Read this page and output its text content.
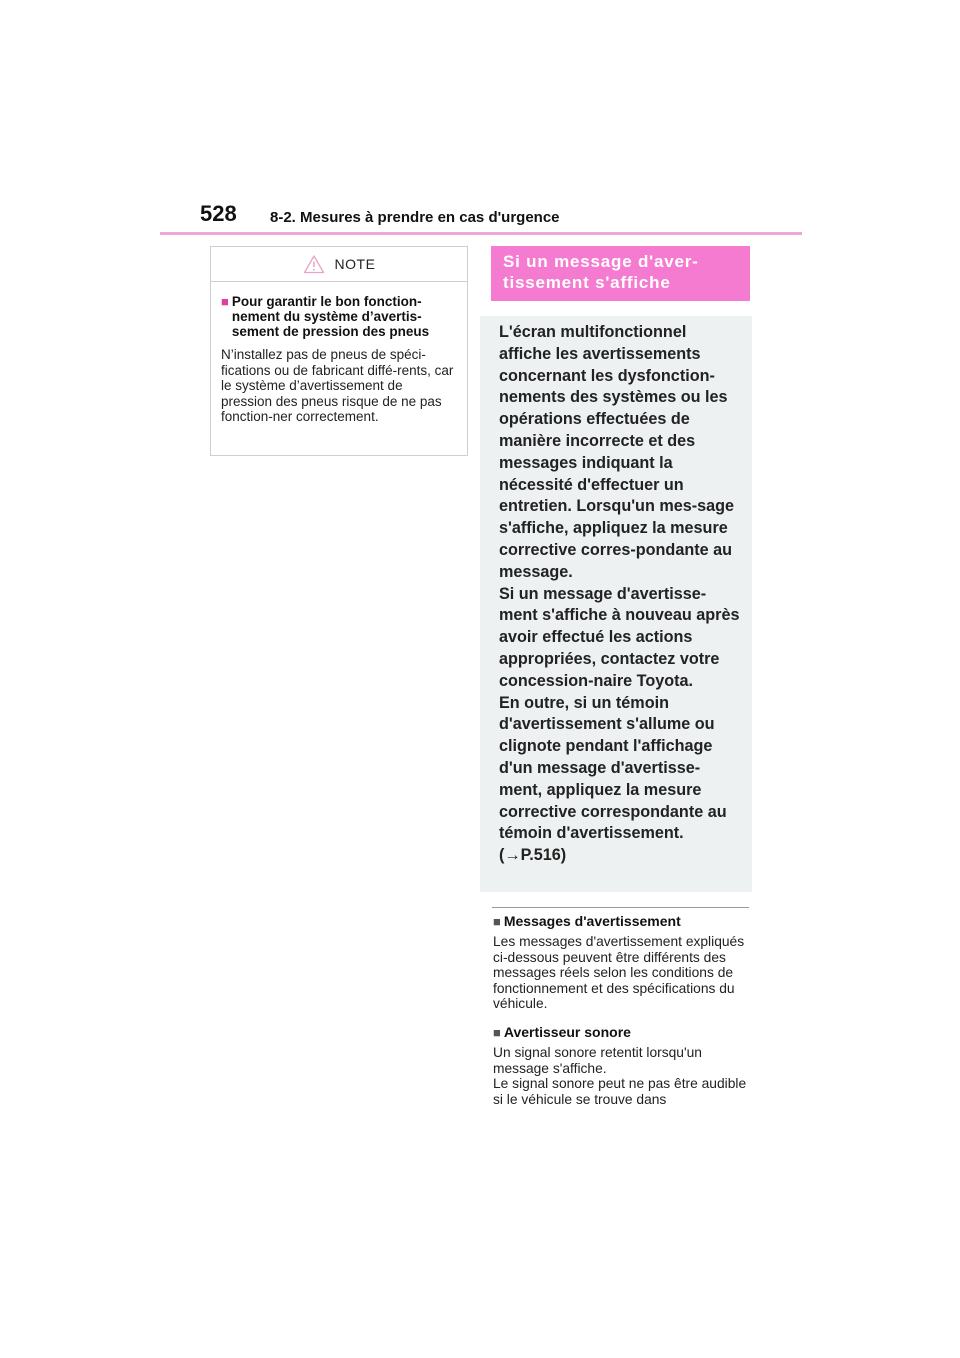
528 8-2. Mesures à prendre en cas d'urgence
NOTE
■ Pour garantir le bon fonction-nement du système d’avertis-sement de pression des pneus
N’installez pas de pneus de spéci-fications ou de fabricant diffé-rents, car le système d’avertissement de pression des pneus risque de ne pas fonction-ner correctement.
Si un message d'aver-tissement s'affiche
L'écran multifonctionnel affiche les avertissements concernant les dysfonction-nements des systèmes ou les opérations effectuées de manière incorrecte et des messages indiquant la nécessité d'effectuer un entretien. Lorsqu'un mes-sage s'affiche, appliquez la mesure corrective corres-pondante au message.
Si un message d'avertisse-ment s'affiche à nouveau après avoir effectué les actions appropriées, contactez votre concession-naire Toyota.
En outre, si un témoin d'avertissement s'allume ou clignote pendant l'affichage d'un message d'avertisse-ment, appliquez la mesure corrective correspondante au témoin d'avertissement.
(→P.516)
■ Messages d'avertissement
Les messages d'avertissement expliqués ci-dessous peuvent être différents des messages réels selon les conditions de fonctionnement et des spécifications du véhicule.
■ Avertisseur sonore
Un signal sonore retentit lorsqu'un message s'affiche.
Le signal sonore peut ne pas être audible si le véhicule se trouve dans
